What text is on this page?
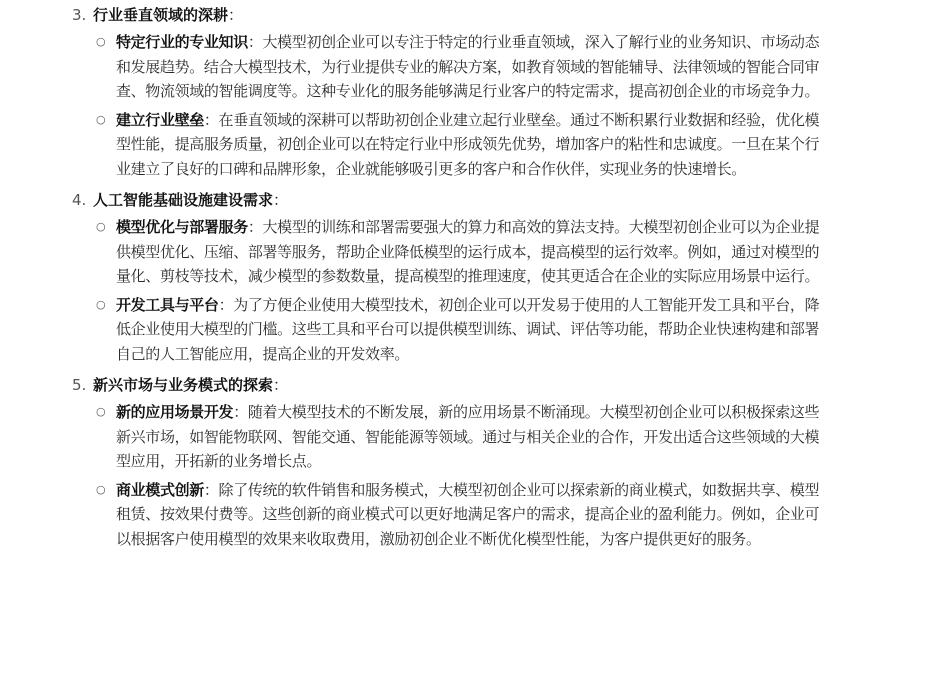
3. 行业垂直领域的深耕：
○ 特定行业的专业知识：大模型初创企业可以专注于特定的行业垂直领域，深入了解行业的业务知识、市场动态和发展趋势。结合大模型技术，为行业提供专业的解决方案，如教育领域的智能辅导、法律领域的智能合同审查、物流领域的智能调度等。这种专业化的服务能够满足行业客户的特定需求，提高初创企业的市场竞争力。
○ 建立行业壁垒：在垂直领域的深耕可以帮助初创企业建立起行业壁垒。通过不断积累行业数据和经验，优化模型性能，提高服务质量，初创企业可以在特定行业中形成领先优势，增加客户的粘性和忠诚度。一旦在某个行业建立了良好的口碑和品牌形象，企业就能够吸引更多的客户和合作伙伴，实现业务的快速增长。
4. 人工智能基础设施建设需求：
○ 模型优化与部署服务：大模型的训练和部署需要强大的算力和高效的算法支持。大模型初创企业可以为企业提供模型优化、压缩、部署等服务，帮助企业降低模型的运行成本，提高模型的运行效率。例如，通过对模型的量化、剪枝等技术，减少模型的参数数量，提高模型的推理速度，使其更适合在企业的实际应用场景中运行。
○ 开发工具与平台：为了方便企业使用大模型技术，初创企业可以开发易于使用的人工智能开发工具和平台，降低企业使用大模型的门槛。这些工具和平台可以提供模型训练、调试、评估等功能，帮助企业快速构建和部署自己的人工智能应用，提高企业的开发效率。
5. 新兴市场与业务模式的探索：
○ 新的应用场景开发：随着大模型技术的不断发展，新的应用场景不断涌现。大模型初创企业可以积极探索这些新兴市场，如智能物联网、智能交通、智能能源等领域。通过与相关企业的合作，开发出适合这些领域的大模型应用，开拓新的业务增长点。
○ 商业模式创新：除了传统的软件销售和服务模式，大模型初创企业可以探索新的商业模式，如数据共享、模型租赁、按效果付费等。这些创新的商业模式可以更好地满足客户的需求，提高企业的盈利能力。例如，企业可以根据客户使用模型的效果来收取费用，激励初创企业不断优化模型性能，为客户提供更好的服务。
